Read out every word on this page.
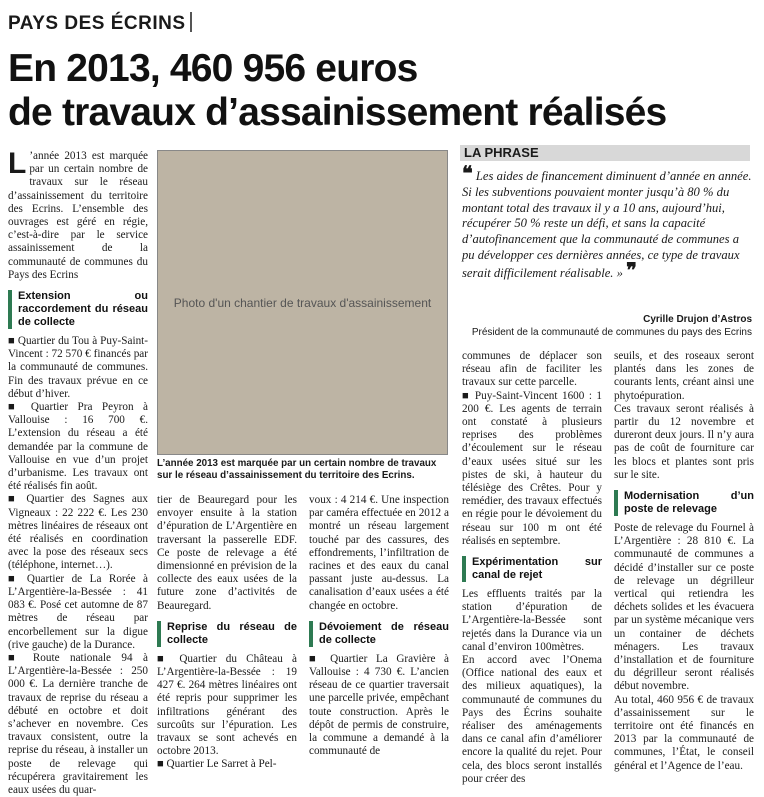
PAYS DES ÉCRINS
En 2013, 460 956 euros
de travaux d’assainissement réalisés

L ’année 2013 est marquée par un certain nombre de travaux sur le réseau d’assainissement du territoire des Ecrins. L’ensemble des ouvrages est géré en régie, c’est-à-dire par le service assainissement de la communauté de communes du Pays des Ecrins

Extension ou raccordement du réseau de collecte

■ Quartier du Tou à Puy-Saint-Vincent : 72 570 € financés par la communauté de communes. Fin des travaux prévue en ce début d’hiver.

■ Quartier Pra Peyron à Vallouise : 16 700 €. L’extension du réseau a été demandée par la commune de Vallouise en vue d’un projet d’urbanisme. Les travaux ont été réalisés fin août.

■ Quartier des Sagnes aux Vigneaux : 22 222 €. Les 230 mètres linéaires de réseaux ont été réalisés en coordination avec la pose des réseaux secs (téléphone, internet…).

■ Quartier de La Rorée à L’Argentière-la-Bessée : 41 083 €. Posé cet automne de 87 mètres de réseau par encorbellement sur la digue (rive gauche) de la Durance.

■ Route nationale 94 à L’Argentière-la-Bessée : 250 000 €. La dernière tranche de travaux de reprise du réseau a débuté en octobre et doit s’achever en novembre. Ces travaux consistent, outre la reprise du réseau, à installer un poste de relevage qui récupérera gravitairement les eaux usées du quar-

Photo d'un chantier de travaux d'assainissement
L’année 2013 est marquée par un certain nombre de travaux sur le réseau d’assainissement du territoire des Ecrins.

tier de Beauregard pour les envoyer ensuite à la station d’épuration de L’Argentière en traversant la passerelle EDF. Ce poste de relevage a été dimensionné en prévision de la collecte des eaux usées de la future zone d’activités de Beauregard.

Reprise du réseau de collecte

■ Quartier du Château à L’Argentière-la-Bessée : 19 427 €. 264 mètres linéaires ont été repris pour supprimer les infiltrations générant des surcoûts sur l’épuration. Les travaux se sont achevés en octobre 2013.

■ Quartier Le Sarret à Pel-

voux : 4 214 €. Une inspection par caméra effectuée en 2012 a montré un réseau largement touché par des cassures, des effondrements, l’infiltration de racines et des eaux du canal passant juste au-dessus. La canalisation d’eaux usées a été changée en octobre.

Dévoiement de réseau de collecte

■ Quartier La Gravière à Vallouise : 4 730 €. L’ancien réseau de ce quartier traversait une parcelle privée, empêchant toute construction. Après le dépôt de permis de construire, la commune a demandé à la communauté de

LA PHRASE
❝ Les aides de financement diminuent d’année en année. Si les subventions pouvaient monter jusqu’à 80 % du montant total des travaux il y a 10 ans, aujourd’hui, récupérer 50 % reste un défi, et sans la capacité d’autofinancement que la communauté de communes a pu développer ces dernières années, ce type de travaux serait difficilement réalisable. » ❞
Cyrille Drujon d’Astros
Président de la communauté de communes du pays des Ecrins

communes de déplacer son réseau afin de faciliter les travaux sur cette parcelle.

■ Puy-Saint-Vincent 1600 : 1 200 €. Les agents de terrain ont constaté à plusieurs reprises des problèmes d’écoulement sur le réseau d’eaux usées situé sur les pistes de ski, à hauteur du télésiège des Crêtes. Pour y remédier, des travaux effectués en régie pour le dévoiement du réseau sur 100 m ont été réalisés en septembre.

Expérimentation sur canal de rejet

Les effluents traités par la station d’épuration de L’Argentière-la-Bessée sont rejetés dans la Durance via un canal d’environ 100mètres.

En accord avec l’Onema (Office national des eaux et des milieux aquatiques), la communauté de communes du Pays des Écrins souhaite réaliser des aménagements dans ce canal afin d’améliorer encore la qualité du rejet. Pour cela, des blocs seront installés pour créer des

seuils, et des roseaux seront plantés dans les zones de courants lents, créant ainsi une phytoépuration.

Ces travaux seront réalisés à partir du 12 novembre et dureront deux jours. Il n’y aura pas de coût de fourniture car les blocs et plantes sont pris sur le site.

Modernisation d’un poste de relevage

Poste de relevage du Fournel à L’Argentière : 28 810 €. La communauté de communes a décidé d’installer sur ce poste de relevage un dégrilleur vertical qui retiendra les déchets solides et les évacuera par un système mécanique vers un container de déchets ménagers. Les travaux d’installation et de fourniture du dégrilleur seront réalisés début novembre.

Au total, 460 956 € de travaux d’assainissement sur le territoire ont été financés en 2013 par la communauté de communes, l’État, le conseil général et l’Agence de l’eau.
